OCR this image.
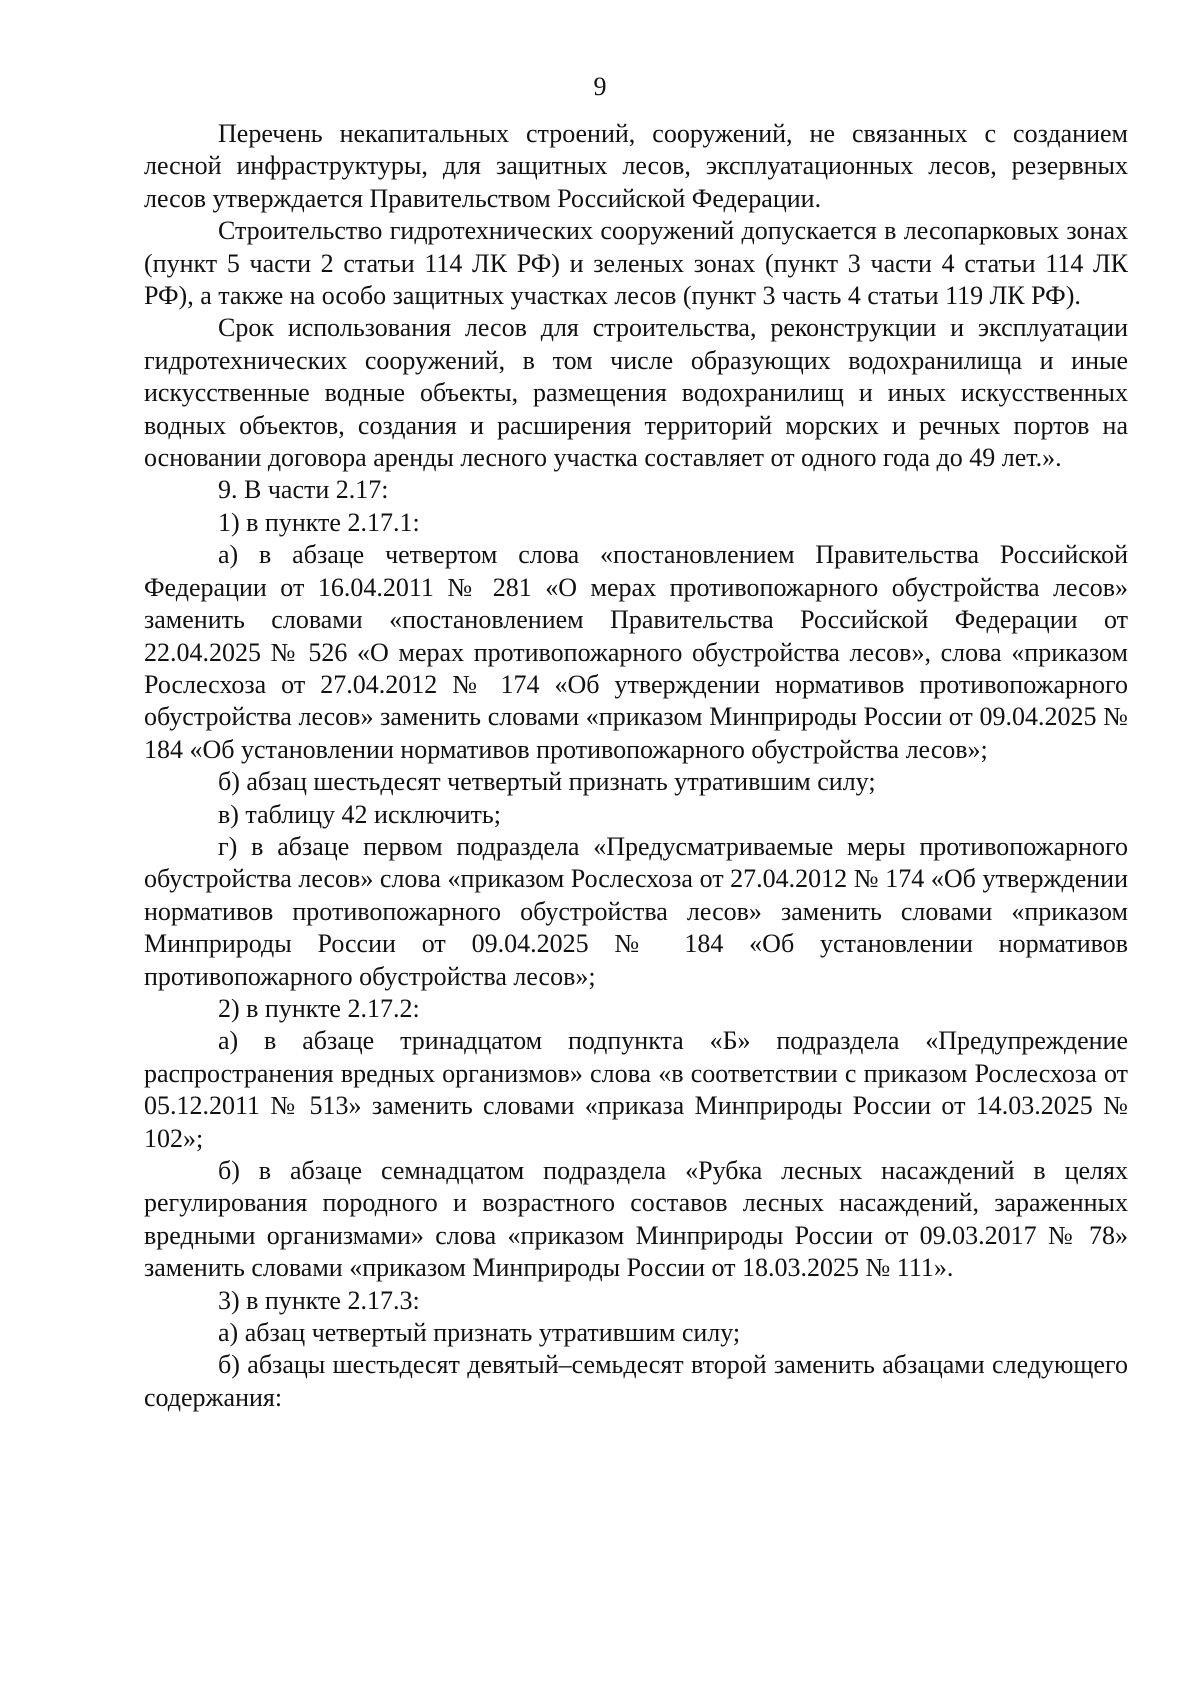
9

Перечень некапитальных строений, сооружений, не связанных с созданием лесной инфраструктуры, для защитных лесов, эксплуатационных лесов, резервных лесов утверждается Правительством Российской Федерации.

Строительство гидротехнических сооружений допускается в лесопарковых зонах (пункт 5 части 2 статьи 114 ЛК РФ) и зеленых зонах (пункт 3 части 4 статьи 114 ЛК РФ), а также на особо защитных участках лесов (пункт 3 часть 4 статьи 119 ЛК РФ).

Срок использования лесов для строительства, реконструкции и эксплуатации гидротехнических сооружений, в том числе образующих водохранилища и иные искусственные водные объекты, размещения водохранилищ и иных искусственных водных объектов, создания и расширения территорий морских и речных портов на основании договора аренды лесного участка составляет от одного года до 49 лет.».

9. В части 2.17:

1) в пункте 2.17.1:

а) в абзаце четвертом слова «постановлением Правительства Российской Федерации от 16.04.2011 № 281 «О мерах противопожарного обустройства лесов» заменить словами «постановлением Правительства Российской Федерации от 22.04.2025 № 526 «О мерах противопожарного обустройства лесов», слова «приказом Рослесхоза от 27.04.2012 № 174 «Об утверждении нормативов противопожарного обустройства лесов» заменить словами «приказом Минприроды России от 09.04.2025 № 184 «Об установлении нормативов противопожарного обустройства лесов»;

б) абзац шестьдесят четвертый признать утратившим силу;

в) таблицу 42 исключить;

г) в абзаце первом подраздела «Предусматриваемые меры противопожарного обустройства лесов» слова «приказом Рослесхоза от 27.04.2012 № 174 «Об утверждении нормативов противопожарного обустройства лесов» заменить словами «приказом Минприроды России от 09.04.2025 № 184 «Об установлении нормативов противопожарного обустройства лесов»;

2) в пункте 2.17.2:

а) в абзаце тринадцатом подпункта «Б» подраздела «Предупреждение распространения вредных организмов» слова «в соответствии с приказом Рослесхоза от 05.12.2011 № 513» заменить словами «приказа Минприроды России от 14.03.2025 № 102»;

б) в абзаце семнадцатом подраздела «Рубка лесных насаждений в целях регулирования породного и возрастного составов лесных насаждений, зараженных вредными организмами» слова «приказом Минприроды России от 09.03.2017 № 78» заменить словами «приказом Минприроды России от 18.03.2025 № 111».

3) в пункте 2.17.3:

а) абзац четвертый признать утратившим силу;

б) абзацы шестьдесят девятый–семьдесят второй заменить абзацами следующего содержания:
